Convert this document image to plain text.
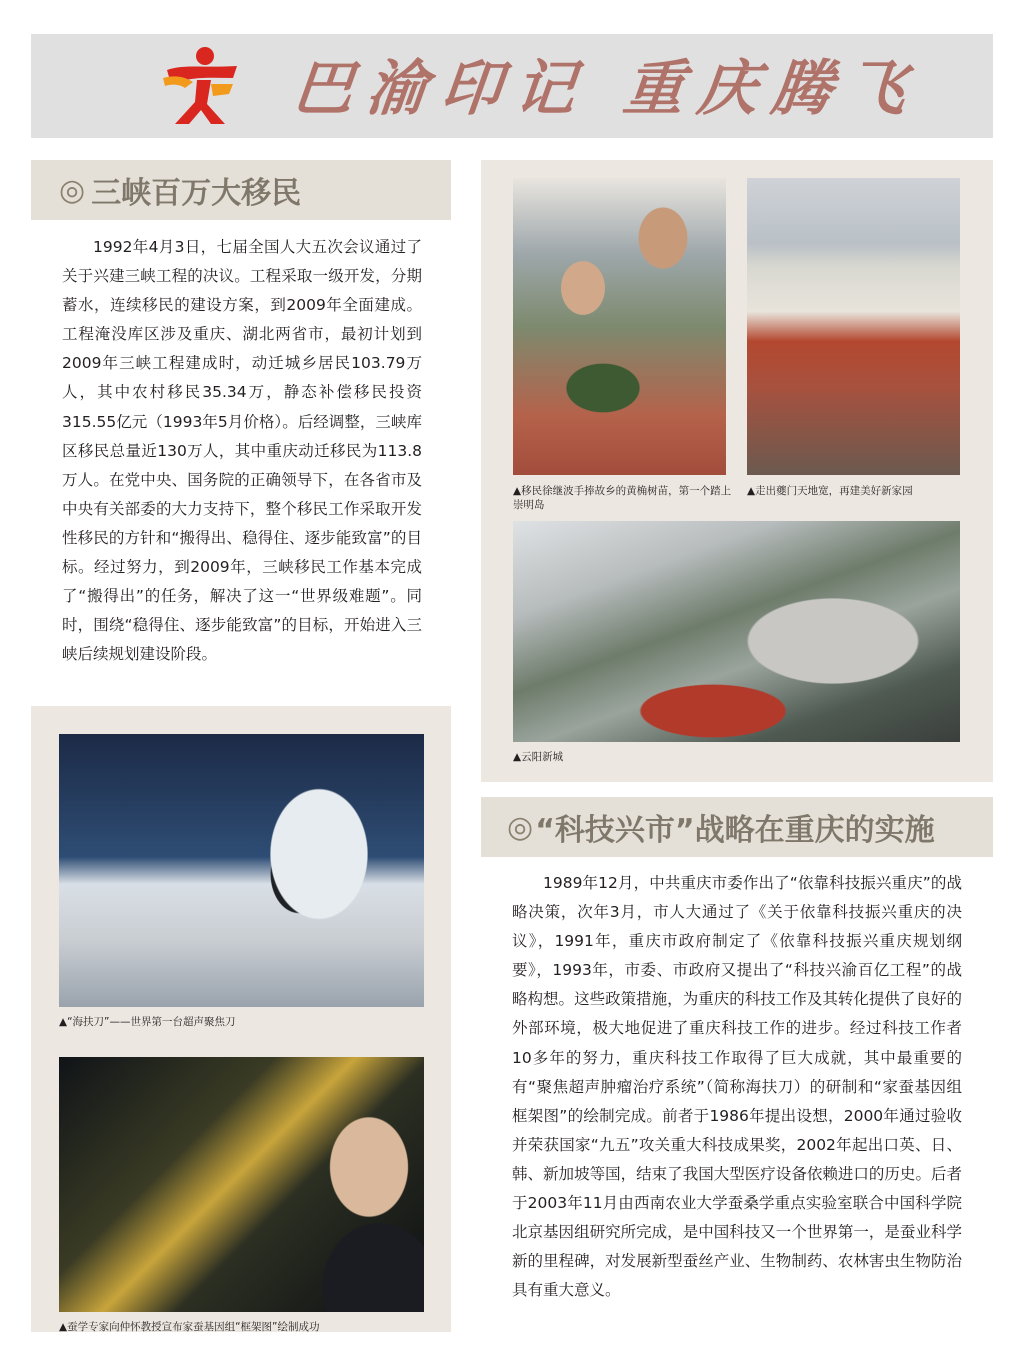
巴渝印记 重庆腾飞
◎ 三峡百万大移民

1992年4月3日，七届全国人大五次会议通过了关于兴建三峡工程的决议。工程采取一级开发，分期蓄水，连续移民的建设方案，到2009年全面建成。工程淹没库区涉及重庆、湖北两省市，最初计划到2009年三峡工程建成时，动迁城乡居民103.79万人，其中农村移民35.34万，静态补偿移民投资315.55亿元（1993年5月价格）。后经调整，三峡库区移民总量近130万人，其中重庆动迁移民为113.8万人。在党中央、国务院的正确领导下，在各省市及中央有关部委的大力支持下，整个移民工作采取开发性移民的方针和“搬得出、稳得住、逐步能致富”的目标。经过努力，到2009年，三峡移民工作基本完成了“搬得出”的任务，解决了这一“世界级难题”。同时，围绕“稳得住、逐步能致富”的目标，开始进入三峡后续规划建设阶段。

▲移民徐继波手捧故乡的黄桷树苗，第一个踏上崇明岛
▲走出夔门天地宽，再建美好新家园
▲云阳新城
▲“海扶刀”——世界第一台超声聚焦刀
▲蚕学专家向仲怀教授宣布家蚕基因组“框架图”绘制成功
◎ “科技兴市”战略在重庆的实施

1989年12月，中共重庆市委作出了“依靠科技振兴重庆”的战略决策，次年3月，市人大通过了《关于依靠科技振兴重庆的决议》，1991年，重庆市政府制定了《依靠科技振兴重庆规划纲要》，1993年，市委、市政府又提出了“科技兴渝百亿工程”的战略构想。这些政策措施，为重庆的科技工作及其转化提供了良好的外部环境，极大地促进了重庆科技工作的进步。经过科技工作者10多年的努力，重庆科技工作取得了巨大成就，其中最重要的有“聚焦超声肿瘤治疗系统”（简称海扶刀）的研制和“家蚕基因组框架图”的绘制完成。前者于1986年提出设想，2000年通过验收并荣获国家“九五”攻关重大科技成果奖，2002年起出口英、日、韩、新加坡等国，结束了我国大型医疗设备依赖进口的历史。后者于2003年11月由西南农业大学蚕桑学重点实验室联合中国科学院北京基因组研究所完成，是中国科技又一个世界第一，是蚕业科学新的里程碑，对发展新型蚕丝产业、生物制药、农林害虫生物防治具有重大意义。
